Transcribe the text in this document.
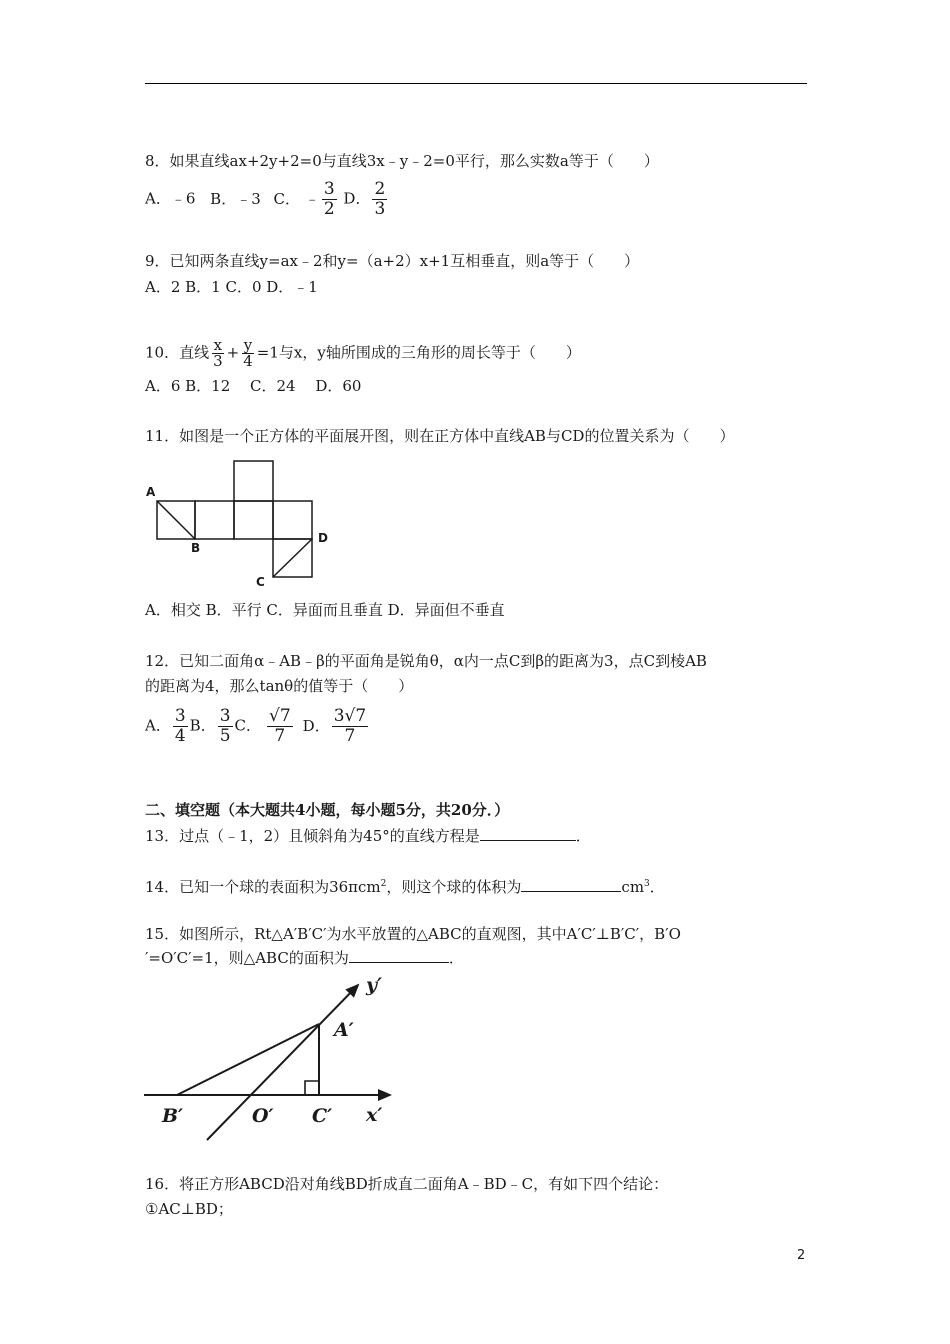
8．如果直线ax+2y+2=0与直线3x﹣y﹣2=0平行，那么实数a等于（　　）
A．﹣6 B．﹣3 C． ﹣ $\frac{3}{2}$ D． $\frac{2}{3}$
9．已知两条直线y=ax﹣2和y=（a+2）x+1互相垂直，则a等于（　　）
A．2 B．1 C．0 D．﹣1
10．直线 $\frac{x}{3} + \frac{y}{4} =1$与x，y轴所围成的三角形的周长等于（　　）
A．6 B．12　 C．24　 D．60
11．如图是一个正方体的平面展开图，则在正方体中直线AB与CD的位置关系为（　　）
A
B
C
D
A．相交 B．平行 C．异面而且垂直 D．异面但不垂直
12．已知二面角α﹣AB﹣β的平面角是锐角θ，α内一点C到β的距离为3，点C到棱AB
的距离为4，那么tanθ的值等于（　　）
A． $\frac{3}{4}$ B． $\frac{3}{5}$ C． $\frac{√7}{7}$ D． $\frac{3√7}{7}$
二、填空题（本大题共4小题，每小题5分，共20分．）
13．过点（﹣1，2）且倾斜角为45°的直线方程是	．
14．已知一个球的表面积为36πcm$^2$，则这个球的体积为	$cm^3$．
15．如图所示，Rt△A′B′C′为水平放置的△ABC的直观图，其中A′C′⊥B′C′，B′O
′=O′C′=1，则△ABC的面积为	．
y′
A′
B′	O′ C′ x′
16．将正方形ABCD沿对角线BD折成直二面角A﹣BD﹣C，有如下四个结论：
①AC⊥BD；
2
